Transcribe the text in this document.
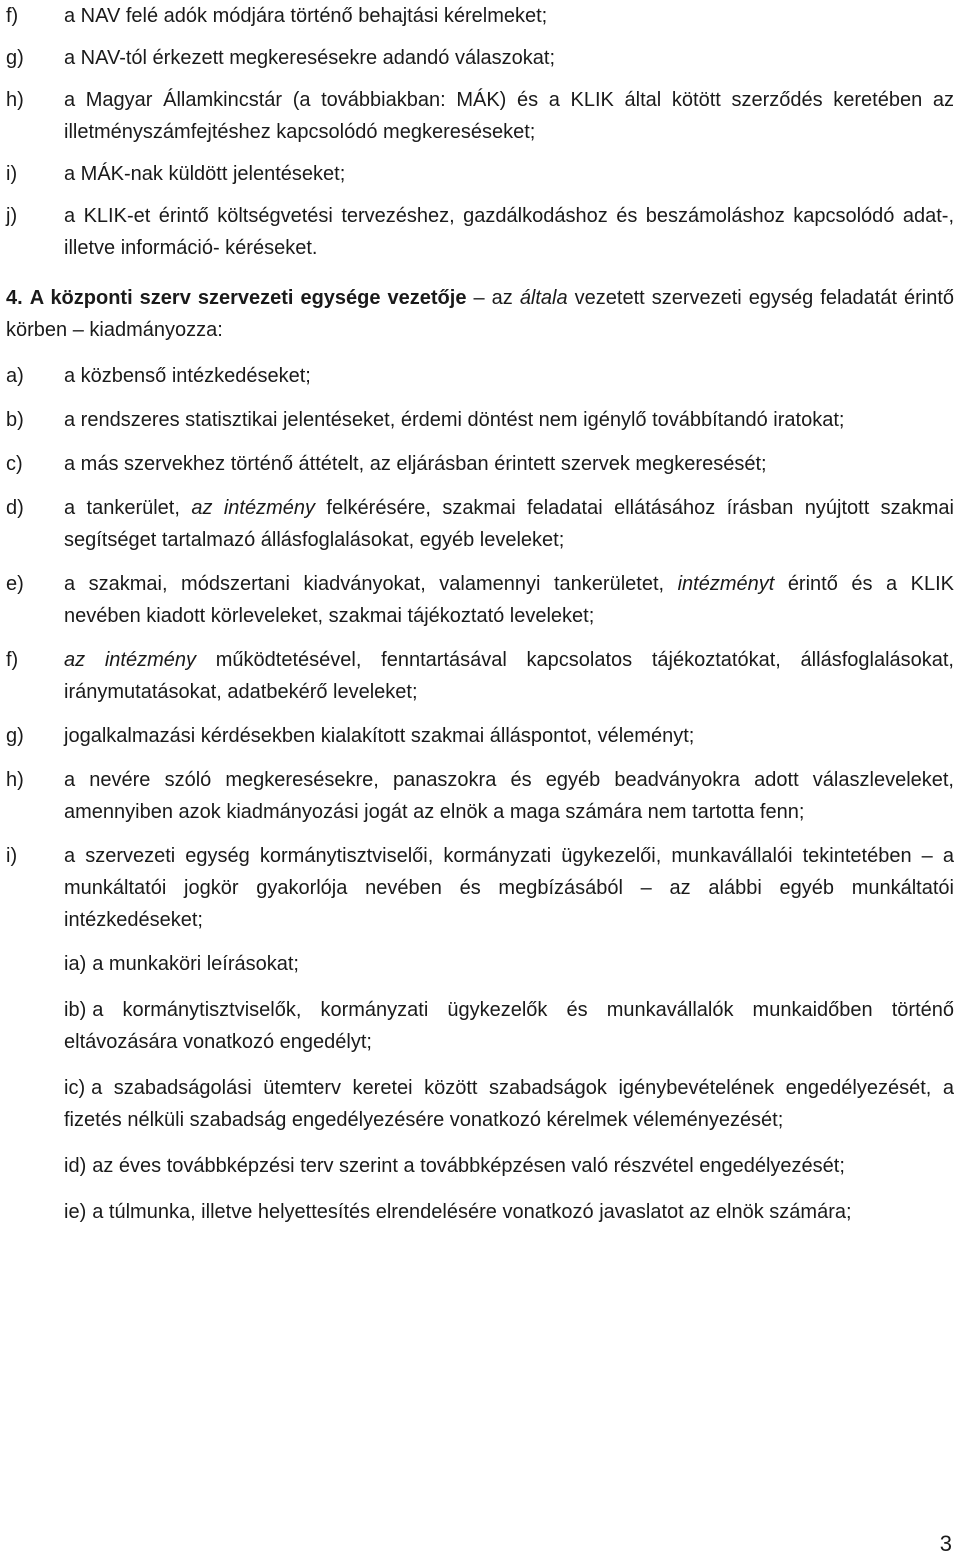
f)	a NAV felé adók módjára történő behajtási kérelmeket;
g)	a NAV-tól érkezett megkeresésekre adandó válaszokat;
h)	a Magyar Államkincstár (a továbbiakban: MÁK) és a KLIK által kötött szerződés keretében az illetményszámfejtéshez kapcsolódó megkereséseket;
i)	a MÁK-nak küldött jelentéseket;
j)	a KLIK-et érintő költségvetési tervezéshez, gazdálkodáshoz és beszámoláshoz kapcsolódó adat-, illetve információ- kéréseket.
4. A központi szerv szervezeti egysége vezetője – az általa vezetett szervezeti egység feladatát érintő körben – kiadmányozza:
a)	a közbenső intézkedéseket;
b)	a rendszeres statisztikai jelentéseket, érdemi döntést nem igénylő továbbítandó iratokat;
c)	a más szervekhez történő áttételt, az eljárásban érintett szervek megkeresését;
d)	a tankerület, az intézmény felkérésére, szakmai feladatai ellátásához írásban nyújtott szakmai segítséget tartalmazó állásfoglalásokat, egyéb leveleket;
e)	a szakmai, módszertani kiadványokat, valamennyi tankerületet, intézményt érintő és a KLIK nevében kiadott körleveleket, szakmai tájékoztató leveleket;
f)	az intézmény működtetésével, fenntartásával kapcsolatos tájékoztatókat, állásfoglalásokat, iránymutatásokat, adatbekérő leveleket;
g)	jogalkalmazási kérdésekben kialakított szakmai álláspontot, véleményt;
h)	a nevére szóló megkeresésekre, panaszokra és egyéb beadványokra adott válaszleveleket, amennyiben azok kiadmányozási jogát az elnök a maga számára nem tartotta fenn;
i)	a szervezeti egység kormánytisztviselői, kormányzati ügykezelői, munkavállalói tekintetében – a munkáltatói jogkör gyakorlója nevében és megbízásából – az alábbi egyéb munkáltatói intézkedéseket;
ia) a munkaköri leírásokat;
ib) a kormánytisztviselők, kormányzati ügykezelők és munkavállalók munkaidőben történő eltávozására vonatkozó engedélyt;
ic) a szabadságolási ütemterv keretei között szabadságok igénybevételének engedélyezését, a fizetés nélküli szabadság engedélyezésére vonatkozó kérelmek véleményezését;
id) az éves továbbképzési terv szerint a továbbképzésen való részvétel engedélyezését;
ie) a túlmunka, illetve helyettesítés elrendelésére vonatkozó javaslatot az elnök számára;
3
